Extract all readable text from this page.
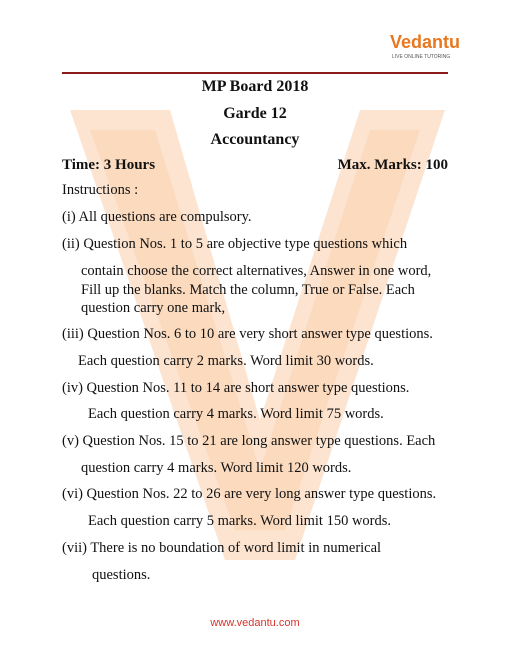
Vedantu
LIVE ONLINE TUTORING
MP Board 2018
Garde 12
Accountancy
Time: 3 Hours	Max. Marks: 100
Instructions :
(i) All questions are compulsory.
(ii) Question Nos. 1 to 5 are objective type questions which
contain choose the correct alternatives, Answer in one word,
Fill up the blanks. Match the column, True or False. Each
question carry one mark,
(iii) Question Nos. 6 to 10 are very short answer type questions.
Each question carry 2 marks. Word limit 30 words.
(iv) Question Nos. 11 to 14 are short answer type questions.
Each question carry 4 marks. Word limit 75 words.
(v) Question Nos. 15 to 21 are long answer type questions. Each
question carry 4 marks. Word limit 120 words.
(vi) Question Nos. 22 to 26 are very long answer type questions.
Each question carry 5 marks. Word limit 150 words.
(vii) There is no boundation of word limit in numerical
questions.
www.vedantu.com
